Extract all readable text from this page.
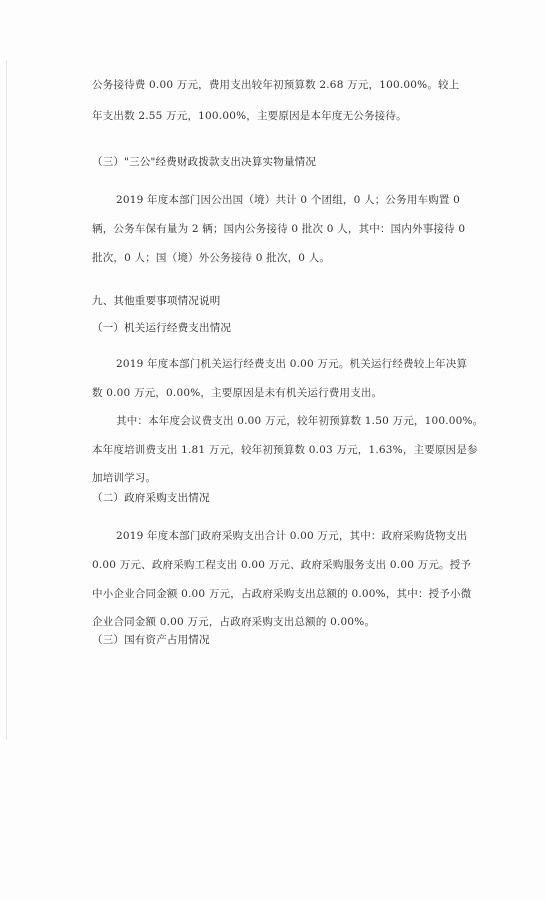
公务接待费 0.00 万元，费用支出较年初预算数 2.68 万元，100.00%。较上
年支出数 2.55 万元，100.00%，主要原因是本年度无公务接待。
（三）"三公"经费财政拨款支出决算实物量情况
2019 年度本部门因公出国（境）共计 0 个团组，0 人；公务用车购置 0
辆，公务车保有量为 2 辆；国内公务接待 0 批次 0 人，其中：国内外事接待 0
批次，0 人；国（境）外公务接待 0 批次，0 人。
九、其他重要事项情况说明
（一）机关运行经费支出情况
2019 年度本部门机关运行经费支出 0.00 万元。机关运行经费较上年决算
数 0.00 万元，0.00%，主要原因是未有机关运行费用支出。
其中：本年度会议费支出 0.00 万元，较年初预算数 1.50 万元，100.00%。
本年度培训费支出 1.81 万元，较年初预算数 0.03 万元，1.63%，主要原因是参
加培训学习。
（二）政府采购支出情况
2019 年度本部门政府采购支出合计 0.00 万元，其中：政府采购货物支出
0.00 万元、政府采购工程支出 0.00 万元、政府采购服务支出 0.00 万元。授予
中小企业合同金额 0.00 万元，占政府采购支出总额的 0.00%，其中：授予小微
企业合同金额 0.00 万元，占政府采购支出总额的 0.00%。
（三）国有资产占用情况
